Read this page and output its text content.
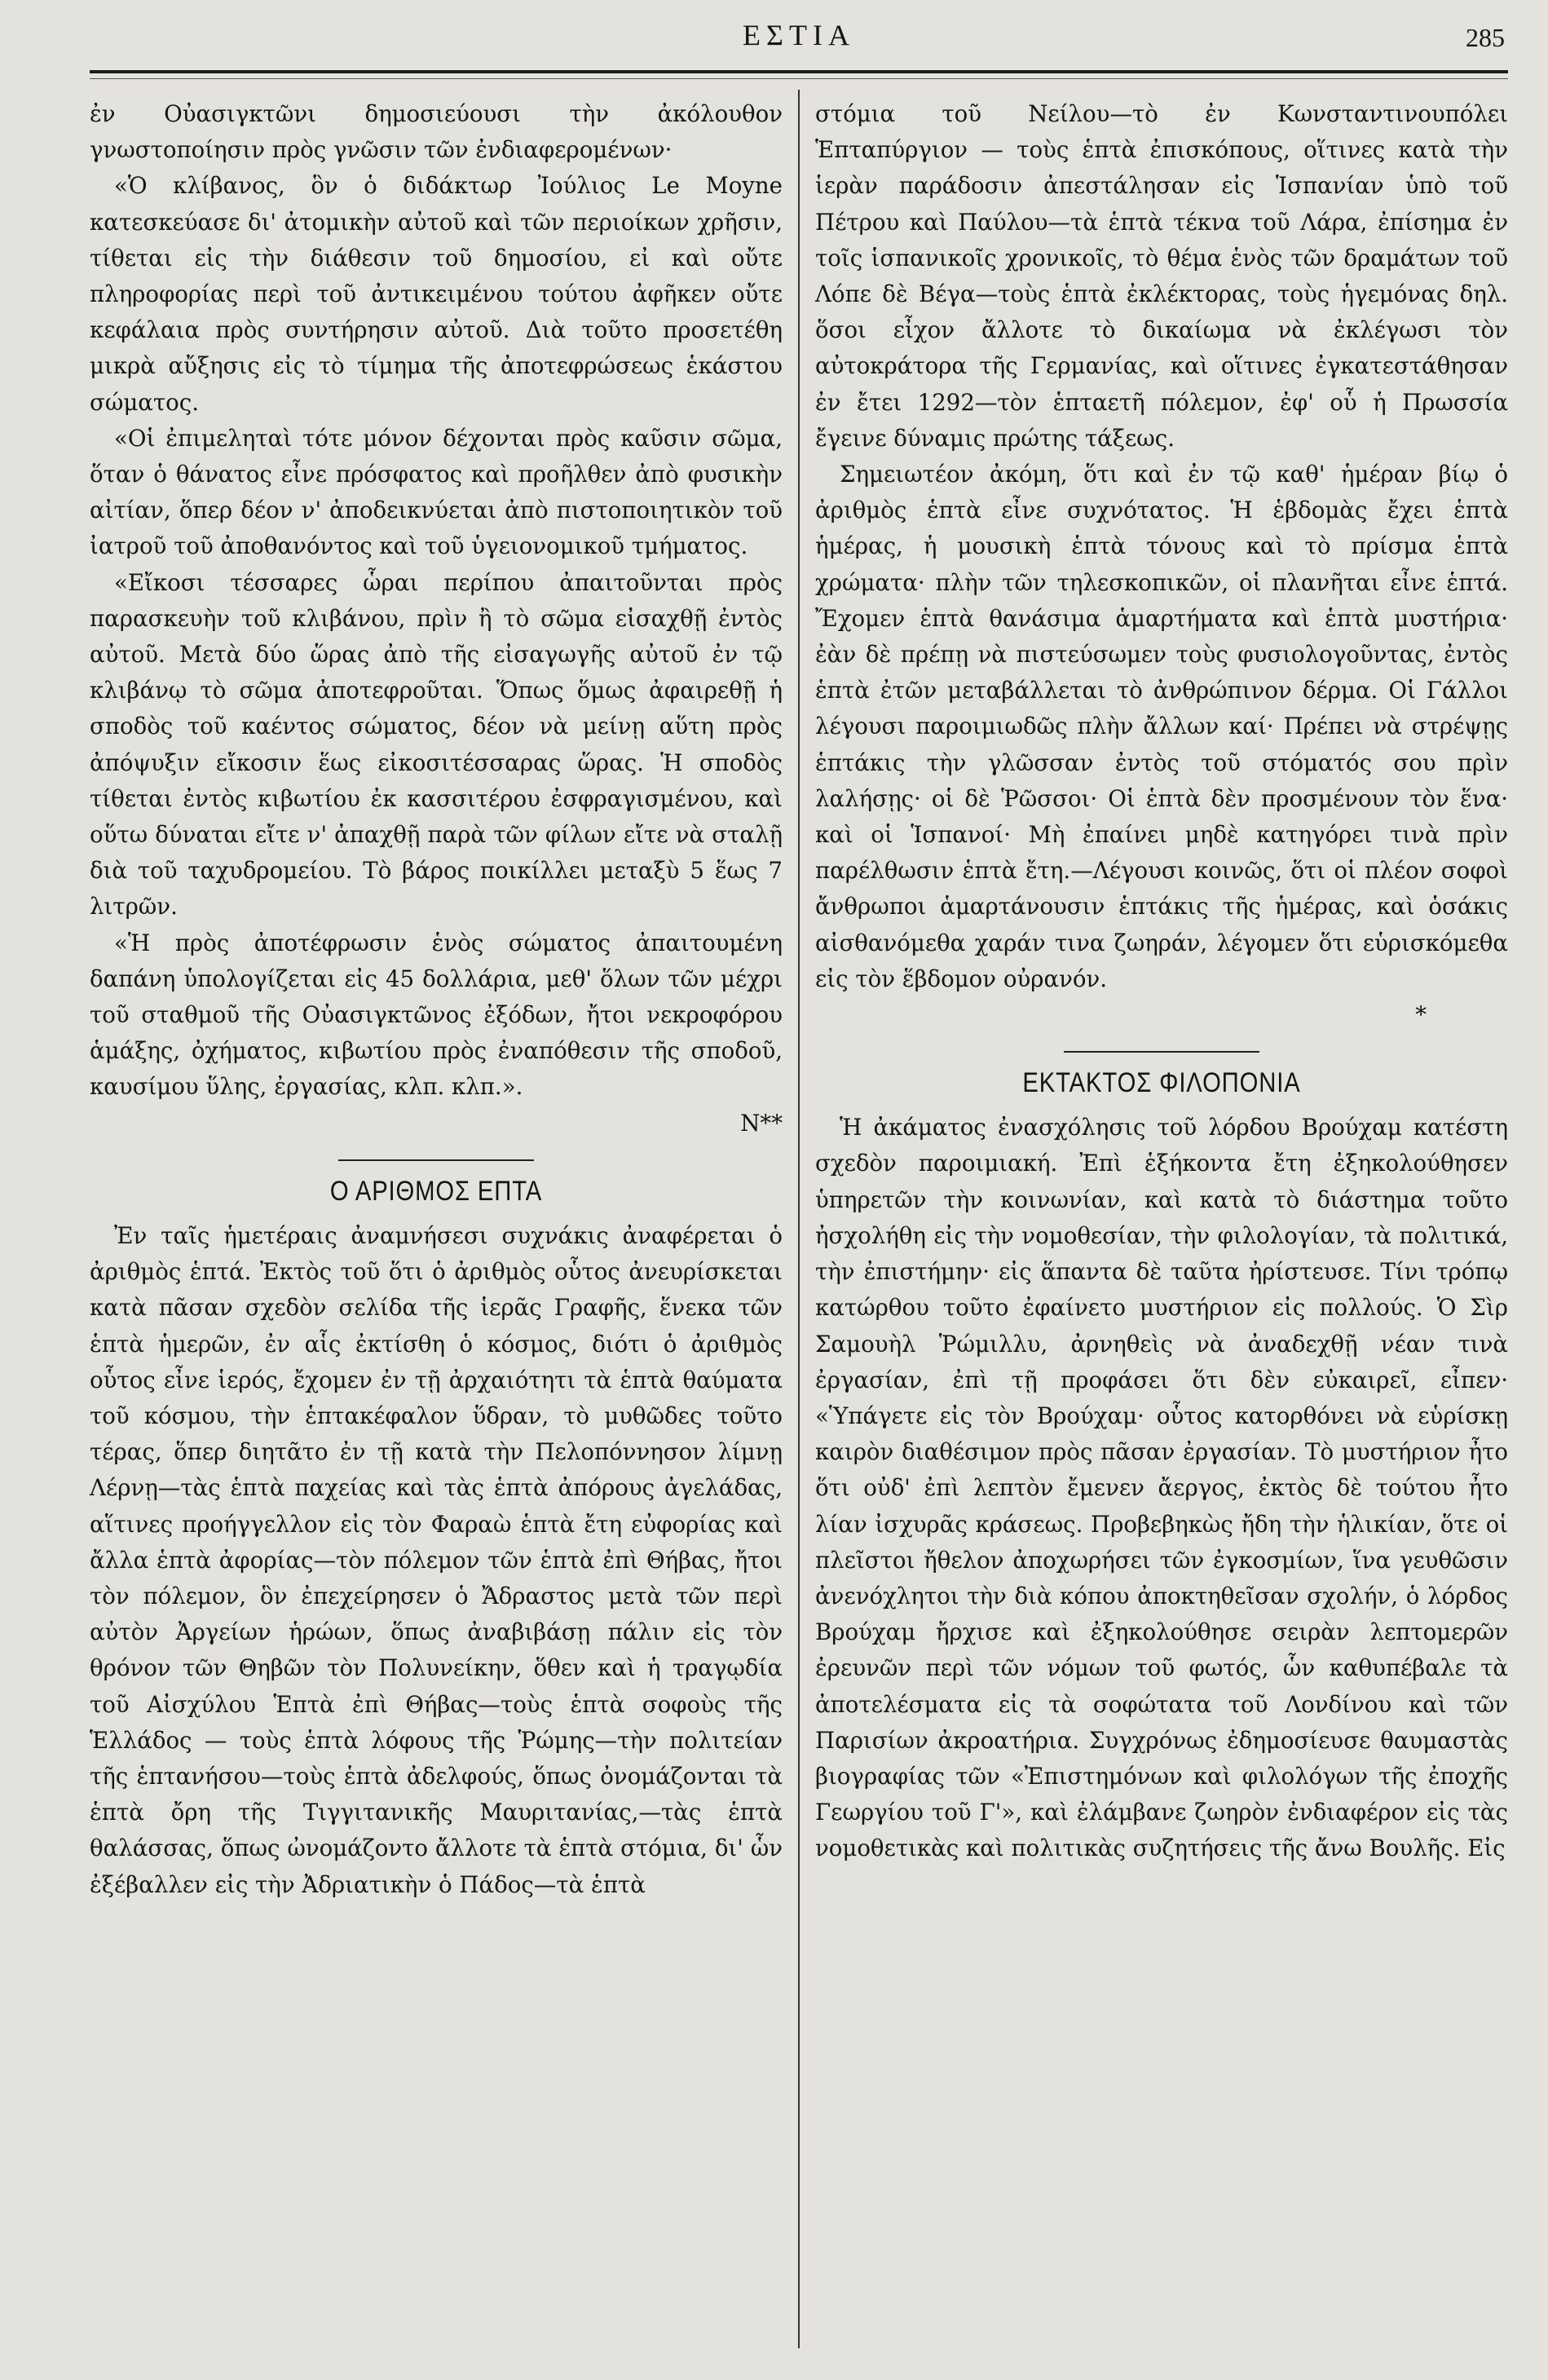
ΕΣΤΙΑ	285

ἐν Οὐασιγκτῶνι δημοσιεύουσι τὴν ἀκόλουθον γνωστοποίησιν πρὸς γνῶσιν τῶν ἐνδιαφερομένων·

«Ὁ κλίβανος, ὃν ὁ διδάκτωρ Ἰούλιος Le Moyne κατεσκεύασε δι' ἀτομικὴν αὐτοῦ καὶ τῶν περιοίκων χρῆσιν, τίθεται εἰς τὴν διάθεσιν τοῦ δημοσίου, εἰ καὶ οὔτε πληροφορίας περὶ τοῦ ἀντικειμένου τούτου ἀφῆκεν οὔτε κεφάλαια πρὸς συντήρησιν αὐτοῦ. Διὰ τοῦτο προσετέθη μικρὰ αὔξησις εἰς τὸ τίμημα τῆς ἀποτεφρώσεως ἑκάστου σώματος.

«Οἱ ἐπιμεληταὶ τότε μόνον δέχονται πρὸς καῦσιν σῶμα, ὅταν ὁ θάνατος εἶνε πρόσφατος καὶ προῆλθεν ἀπὸ φυσικὴν αἰτίαν, ὅπερ δέον ν' ἀποδεικνύεται ἀπὸ πιστοποιητικὸν τοῦ ἰατροῦ τοῦ ἀποθανόντος καὶ τοῦ ὑγειονομικοῦ τμήματος.

«Εἴκοσι τέσσαρες ὧραι περίπου ἀπαιτοῦνται πρὸς παρασκευὴν τοῦ κλιβάνου, πρὶν ἢ τὸ σῶμα εἰσαχθῇ ἐντὸς αὐτοῦ. Μετὰ δύο ὥρας ἀπὸ τῆς εἰσαγωγῆς αὐτοῦ ἐν τῷ κλιβάνῳ τὸ σῶμα ἀποτεφροῦται. Ὅπως ὅμως ἀφαιρεθῇ ἡ σποδὸς τοῦ καέντος σώματος, δέον νὰ μείνῃ αὕτη πρὸς ἀπόψυξιν εἴκοσιν ἕως εἰκοσιτέσσαρας ὥρας. Ἡ σποδὸς τίθεται ἐντὸς κιβωτίου ἐκ κασσιτέρου ἐσφραγισμένου, καὶ οὕτω δύναται εἴτε ν' ἀπαχθῇ παρὰ τῶν φίλων εἴτε νὰ σταλῇ διὰ τοῦ ταχυδρομείου. Τὸ βάρος ποικίλλει μεταξὺ 5 ἕως 7 λιτρῶν.

«Ἡ πρὸς ἀποτέφρωσιν ἑνὸς σώματος ἀπαιτουμένη δαπάνη ὑπολογίζεται εἰς 45 δολλάρια, μεθ' ὅλων τῶν μέχρι τοῦ σταθμοῦ τῆς Οὐασιγκτῶνος ἐξόδων, ἤτοι νεκροφόρου ἁμάξης, ὀχήματος, κιβωτίου πρὸς ἐναπόθεσιν τῆς σποδοῦ, καυσίμου ὕλης, ἐργασίας, κλπ. κλπ.».

Ν**

Ο ΑΡΙΘΜΟΣ ΕΠΤΑ

Ἐν ταῖς ἡμετέραις ἀναμνήσεσι συχνάκις ἀναφέρεται ὁ ἀριθμὸς ἑπτά. Ἐκτὸς τοῦ ὅτι ὁ ἀριθμὸς οὗτος ἀνευρίσκεται κατὰ πᾶσαν σχεδὸν σελίδα τῆς ἱερᾶς Γραφῆς, ἕνεκα τῶν ἑπτὰ ἡμερῶν, ἐν αἷς ἐκτίσθη ὁ κόσμος, διότι ὁ ἀριθμὸς οὗτος εἶνε ἱερός, ἔχομεν ἐν τῇ ἀρχαιότητι τὰ ἑπτὰ θαύματα τοῦ κόσμου, τὴν ἑπτακέφαλον ὕδραν, τὸ μυθῶδες τοῦτο τέρας, ὅπερ διητᾶτο ἐν τῇ κατὰ τὴν Πελοπόννησον λίμνῃ Λέρνῃ—τὰς ἑπτὰ παχείας καὶ τὰς ἑπτὰ ἀπόρους ἀγελάδας, αἵτινες προήγγελλον εἰς τὸν Φαραὼ ἑπτὰ ἔτη εὐφορίας καὶ ἄλλα ἑπτὰ ἀφορίας—τὸν πόλεμον τῶν ἑπτὰ ἐπὶ Θήβας, ἤτοι τὸν πόλεμον, ὃν ἐπεχείρησεν ὁ Ἄδραστος μετὰ τῶν περὶ αὐτὸν Ἀργείων ἡρώων, ὅπως ἀναβιβάσῃ πάλιν εἰς τὸν θρόνον τῶν Θηβῶν τὸν Πολυνείκην, ὅθεν καὶ ἡ τραγῳδία τοῦ Αἰσχύλου Ἑπτὰ ἐπὶ Θήβας—τοὺς ἑπτὰ σοφοὺς τῆς Ἑλλάδος — τοὺς ἑπτὰ λόφους τῆς Ῥώμης—τὴν πολιτείαν τῆς ἑπτανήσου—τοὺς ἑπτὰ ἀδελφούς, ὅπως ὀνομάζονται τὰ ἑπτὰ ὄρη τῆς Τιγγιτανικῆς Μαυριτανίας,—τὰς ἑπτὰ θαλάσσας, ὅπως ὠνομάζοντο ἄλλοτε τὰ ἑπτὰ στόμια, δι' ὧν ἐξέβαλλεν εἰς τὴν Ἀδριατικὴν ὁ Πάδος—τὰ ἑπτὰ

στόμια τοῦ Νείλου—τὸ ἐν Κωνσταντινουπόλει Ἑπταπύργιον — τοὺς ἑπτὰ ἐπισκόπους, οἵτινες κατὰ τὴν ἱερὰν παράδοσιν ἀπεστάλησαν εἰς Ἱσπανίαν ὑπὸ τοῦ Πέτρου καὶ Παύλου—τὰ ἑπτὰ τέκνα τοῦ Λάρα, ἐπίσημα ἐν τοῖς ἱσπανικοῖς χρονικοῖς, τὸ θέμα ἑνὸς τῶν δραμάτων τοῦ Λόπε δὲ Βέγα—τοὺς ἑπτὰ ἐκλέκτορας, τοὺς ἡγεμόνας δηλ. ὅσοι εἶχον ἄλλοτε τὸ δικαίωμα νὰ ἐκλέγωσι τὸν αὐτοκράτορα τῆς Γερμανίας, καὶ οἵτινες ἐγκατεστάθησαν ἐν ἔτει 1292—τὸν ἑπταετῆ πόλεμον, ἐφ' οὗ ἡ Πρωσσία ἔγεινε δύναμις πρώτης τάξεως.

Σημειωτέον ἀκόμη, ὅτι καὶ ἐν τῷ καθ' ἡμέραν βίῳ ὁ ἀριθμὸς ἑπτὰ εἶνε συχνότατος. Ἡ ἑβδομὰς ἔχει ἑπτὰ ἡμέρας, ἡ μουσικὴ ἑπτὰ τόνους καὶ τὸ πρίσμα ἑπτὰ χρώματα· πλὴν τῶν τηλεσκοπικῶν, οἱ πλανῆται εἶνε ἑπτά. Ἔχομεν ἑπτὰ θανάσιμα ἁμαρτήματα καὶ ἑπτὰ μυστήρια· ἐὰν δὲ πρέπῃ νὰ πιστεύσωμεν τοὺς φυσιολογοῦντας, ἐντὸς ἑπτὰ ἐτῶν μεταβάλλεται τὸ ἀνθρώπινον δέρμα. Οἱ Γάλλοι λέγουσι παροιμιωδῶς πλὴν ἄλλων καί· Πρέπει νὰ στρέψῃς ἑπτάκις τὴν γλῶσσαν ἐντὸς τοῦ στόματός σου πρὶν λαλήσῃς· οἱ δὲ Ῥῶσσοι· Οἱ ἑπτὰ δὲν προσμένουν τὸν ἕνα· καὶ οἱ Ἱσπανοί· Μὴ ἐπαίνει μηδὲ κατηγόρει τινὰ πρὶν παρέλθωσιν ἑπτὰ ἔτη.—Λέγουσι κοινῶς, ὅτι οἱ πλέον σοφοὶ ἄνθρωποι ἁμαρτάνουσιν ἑπτάκις τῆς ἡμέρας, καὶ ὁσάκις αἰσθανόμεθα χαράν τινα ζωηράν, λέγομεν ὅτι εὑρισκόμεθα εἰς τὸν ἕβδομον οὐρανόν.

*

ΕΚΤΑΚΤΟΣ ΦΙΛΟΠΟΝΙΑ

Ἡ ἀκάματος ἐνασχόλησις τοῦ λόρδου Βρούχαμ κατέστη σχεδὸν παροιμιακή. Ἐπὶ ἑξήκοντα ἔτη ἐξηκολούθησεν ὑπηρετῶν τὴν κοινωνίαν, καὶ κατὰ τὸ διάστημα τοῦτο ἠσχολήθη εἰς τὴν νομοθεσίαν, τὴν φιλολογίαν, τὰ πολιτικά, τὴν ἐπιστήμην· εἰς ἅπαντα δὲ ταῦτα ἠρίστευσε. Τίνι τρόπῳ κατώρθου τοῦτο ἐφαίνετο μυστήριον εἰς πολλούς. Ὁ Σὶρ Σαμουὴλ Ῥώμιλλυ, ἀρνηθεὶς νὰ ἀναδεχθῇ νέαν τινὰ ἐργασίαν, ἐπὶ τῇ προφάσει ὅτι δὲν εὐκαιρεῖ, εἶπεν· «Ὑπάγετε εἰς τὸν Βρούχαμ· οὗτος κατορθόνει νὰ εὑρίσκῃ καιρὸν διαθέσιμον πρὸς πᾶσαν ἐργασίαν. Τὸ μυστήριον ἦτο ὅτι οὐδ' ἐπὶ λεπτὸν ἔμενεν ἄεργος, ἐκτὸς δὲ τούτου ἦτο λίαν ἰσχυρᾶς κράσεως. Προβεβηκὼς ἤδη τὴν ἡλικίαν, ὅτε οἱ πλεῖστοι ἤθελον ἀποχωρήσει τῶν ἐγκοσμίων, ἵνα γευθῶσιν ἀνενόχλητοι τὴν διὰ κόπου ἀποκτηθεῖσαν σχολήν, ὁ λόρδος Βρούχαμ ἤρχισε καὶ ἐξηκολούθησε σειρὰν λεπτομερῶν ἐρευνῶν περὶ τῶν νόμων τοῦ φωτός, ὧν καθυπέβαλε τὰ ἀποτελέσματα εἰς τὰ σοφώτατα τοῦ Λονδίνου καὶ τῶν Παρισίων ἀκροατήρια. Συγχρόνως ἐδημοσίευσε θαυμαστὰς βιογραφίας τῶν «Ἐπιστημόνων καὶ φιλολόγων τῆς ἐποχῆς Γεωργίου τοῦ Γ'», καὶ ἐλάμβανε ζωηρὸν ἐνδιαφέρον εἰς τὰς νομοθετικὰς καὶ πολιτικὰς συζητήσεις τῆς ἄνω Βουλῆς. Εἰς
